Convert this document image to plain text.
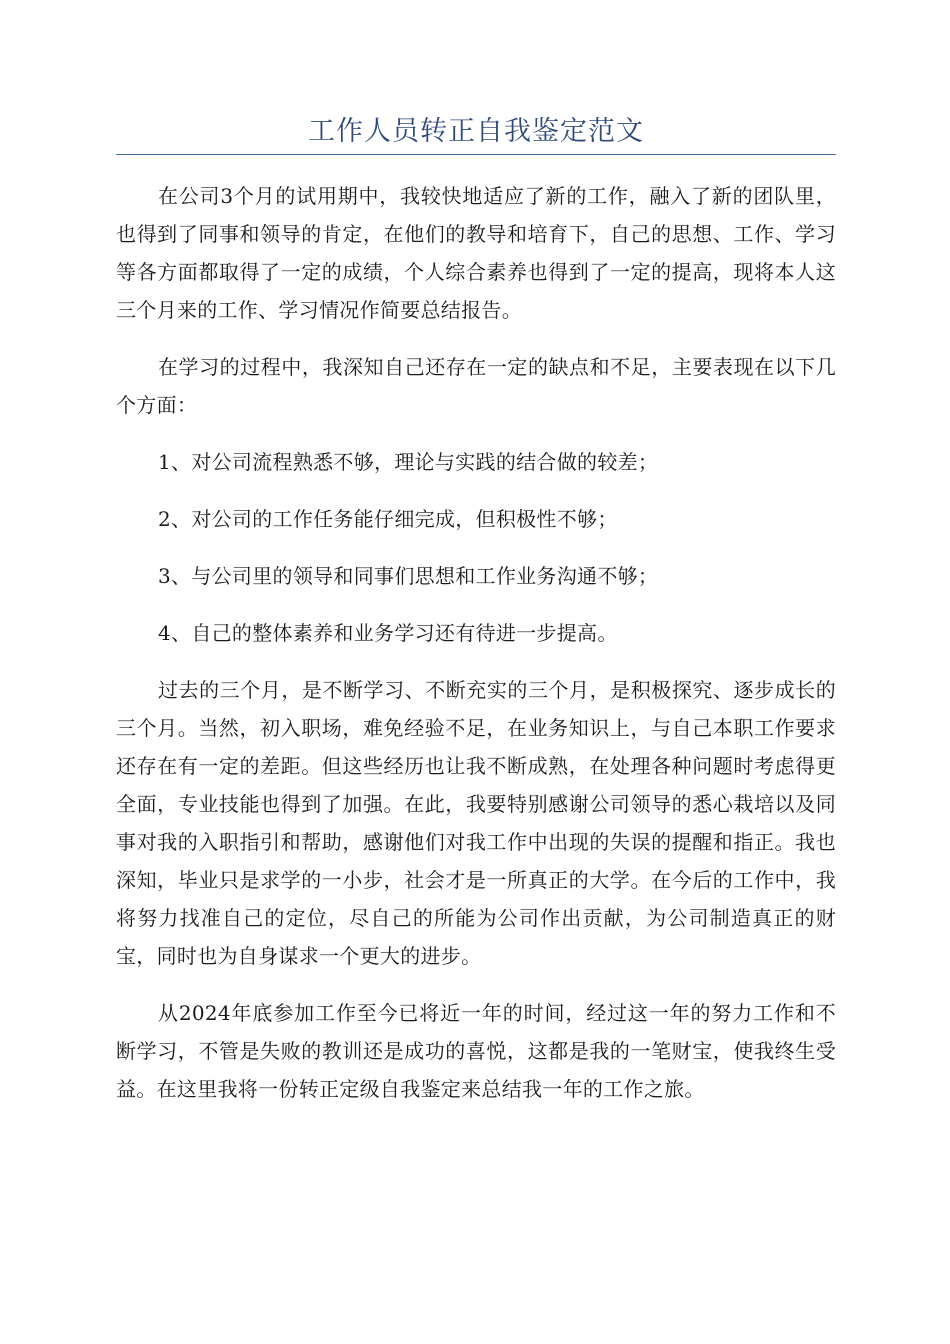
工作人员转正自我鉴定范文

在公司3个月的试用期中，我较快地适应了新的工作，融入了新的团队里，也得到了同事和领导的肯定，在他们的教导和培育下，自己的思想、工作、学习等各方面都取得了一定的成绩，个人综合素养也得到了一定的提高，现将本人这三个月来的工作、学习情况作简要总结报告。

在学习的过程中，我深知自己还存在一定的缺点和不足，主要表现在以下几个方面：

1、对公司流程熟悉不够，理论与实践的结合做的较差；

2、对公司的工作任务能仔细完成，但积极性不够；

3、与公司里的领导和同事们思想和工作业务沟通不够；

4、自己的整体素养和业务学习还有待进一步提高。

过去的三个月，是不断学习、不断充实的三个月，是积极探究、逐步成长的三个月。当然，初入职场，难免经验不足，在业务知识上，与自己本职工作要求还存在有一定的差距。但这些经历也让我不断成熟，在处理各种问题时考虑得更全面，专业技能也得到了加强。在此，我要特别感谢公司领导的悉心栽培以及同事对我的入职指引和帮助，感谢他们对我工作中出现的失误的提醒和指正。我也深知，毕业只是求学的一小步，社会才是一所真正的大学。在今后的工作中，我将努力找准自己的定位，尽自己的所能为公司作出贡献，为公司制造真正的财宝，同时也为自身谋求一个更大的进步。

从2024年底参加工作至今已将近一年的时间，经过这一年的努力工作和不断学习，不管是失败的教训还是成功的喜悦，这都是我的一笔财宝，使我终生受益。在这里我将一份转正定级自我鉴定来总结我一年的工作之旅。
